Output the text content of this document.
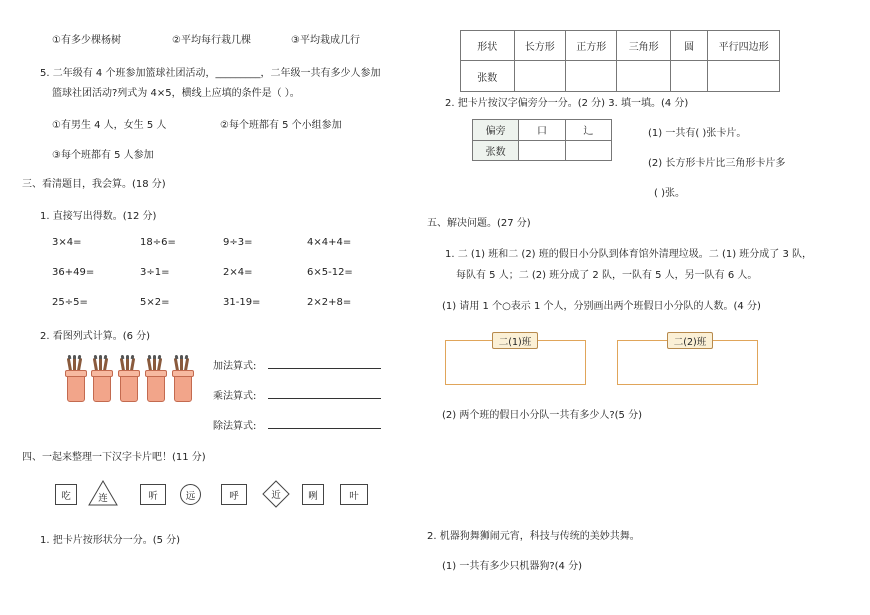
①有多少棵杨树	②平均每行栽几棵	③平均栽成几行
5. 二年级有 4 个班参加篮球社团活动，_________，二年级一共有多少人参加
篮球社团活动?列式为 4×5，横线上应填的条件是（ ）。
①有男生 4 人，女生 5 人	②每个班都有 5 个小组参加
③每个班都有 5 人参加
三、看清题目，我会算。(18 分)
1. 直接写出得数。(12 分)
3×4=	18÷6=	9÷3=	4×4+4=
36+49=	3÷1=	2×4=	6×5-12=
25÷5=	5×2=	31-19=	2×2+8=
2. 看图列式计算。(6 分)
加法算式:
乘法算式:
除法算式:
四、一起来整理一下汉字卡片吧！(11 分)
吃	连	听	远	呼	近	咧	叶
1. 把卡片按形状分一分。(5 分)
形状	长方形	正方形	三角形	圆	平行四边形
张数					
2. 把卡片按汉字偏旁分一分。(2 分) 3. 填一填。(4 分)
偏旁	口	辶
张数		
(1) 一共有( )张卡片。
(2) 长方形卡片比三角形卡片多
( )张。
五、解决问题。(27 分)
1. 二 (1) 班和二 (2) 班的假日小分队到体育馆外清理垃圾。二 (1) 班分成了 3 队，
每队有 5 人；二 (2) 班分成了 2 队，一队有 5 人，另一队有 6 人。
(1) 请用 1 个○表示 1 个人，分别画出两个班假日小分队的人数。(4 分)
二(1)班	二(2)班
(2) 两个班的假日小分队一共有多少人?(5 分)
2. 机器狗舞狮闹元宵，科技与传统的美妙共舞。
(1) 一共有多少只机器狗?(4 分)
